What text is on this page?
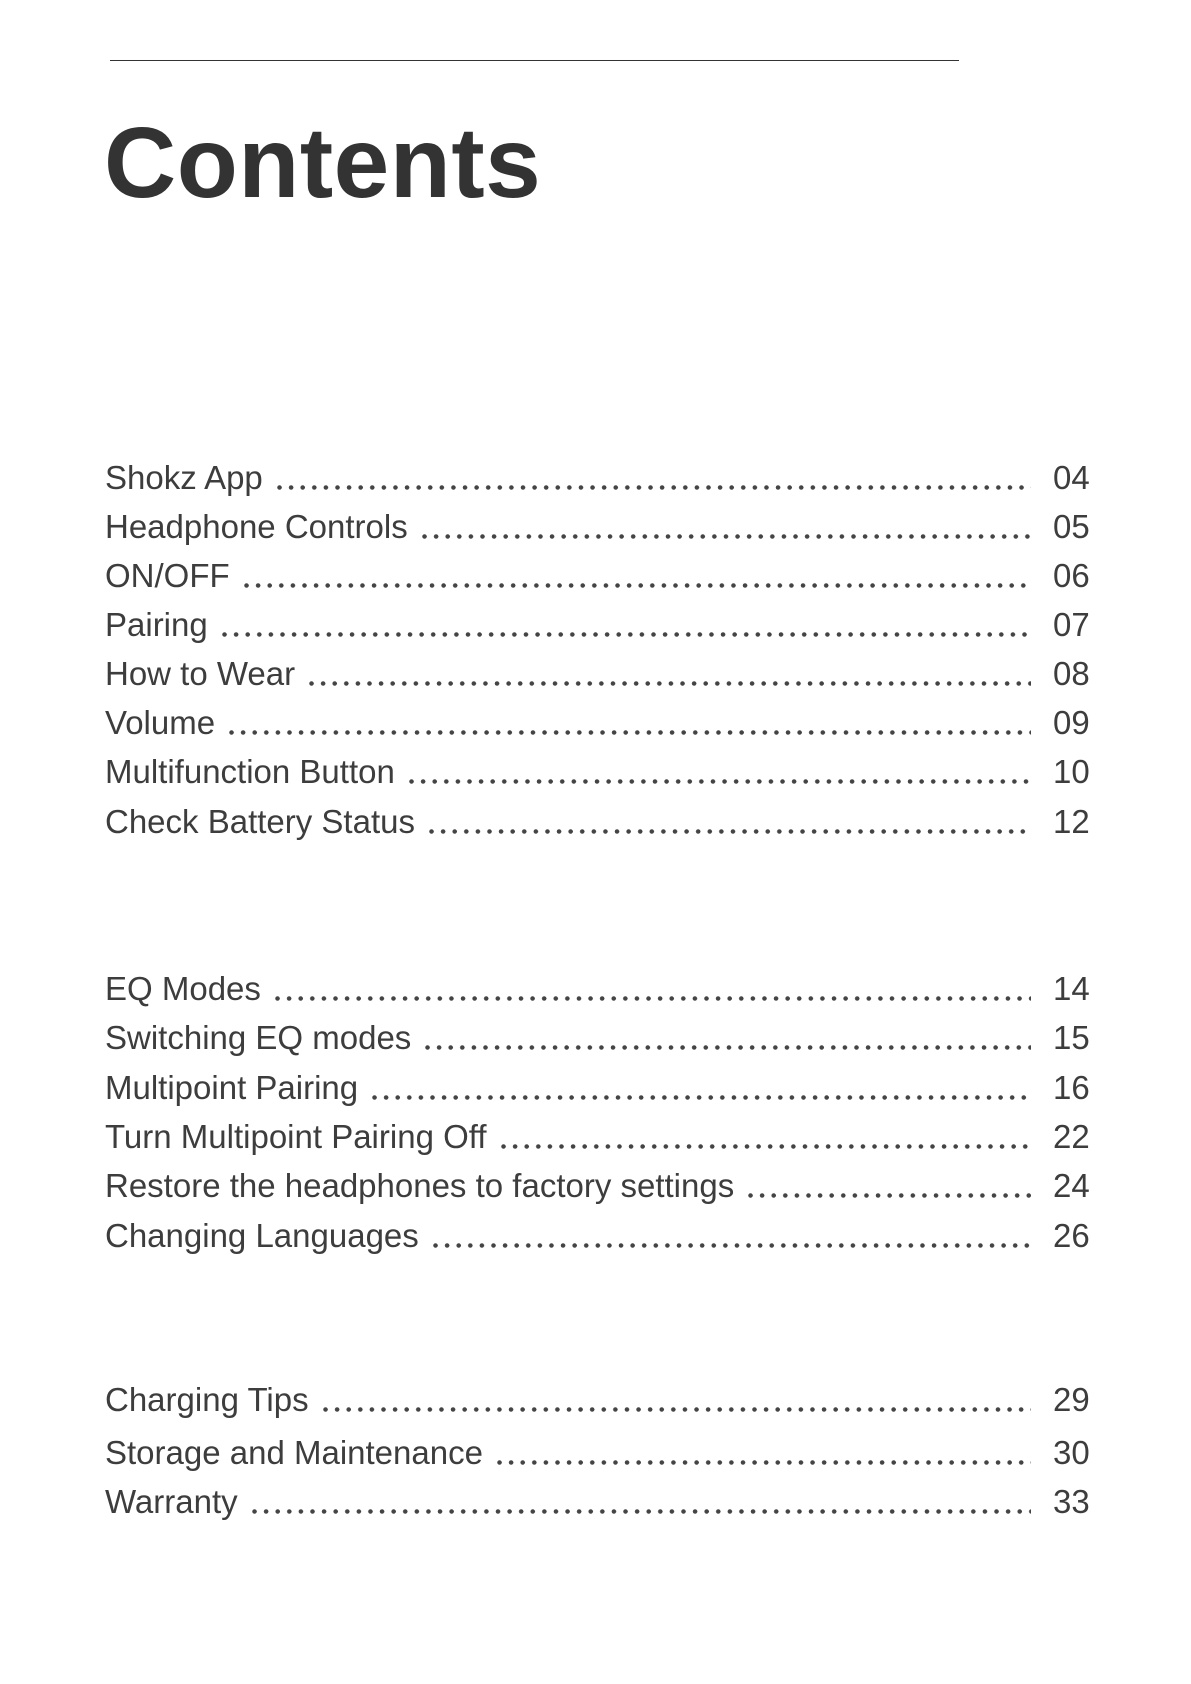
Contents
Shokz App	04
Headphone Controls	05
ON/OFF	06
Pairing	07
How to Wear	08
Volume	09
Multifunction Button	10
Check Battery Status	12
EQ Modes	14
Switching EQ modes	15
Multipoint Pairing	16
Turn Multipoint Pairing Off	22
Restore the headphones to factory settings	24
Changing Languages	26
Charging Tips	29
Storage and Maintenance	30
Warranty	33
